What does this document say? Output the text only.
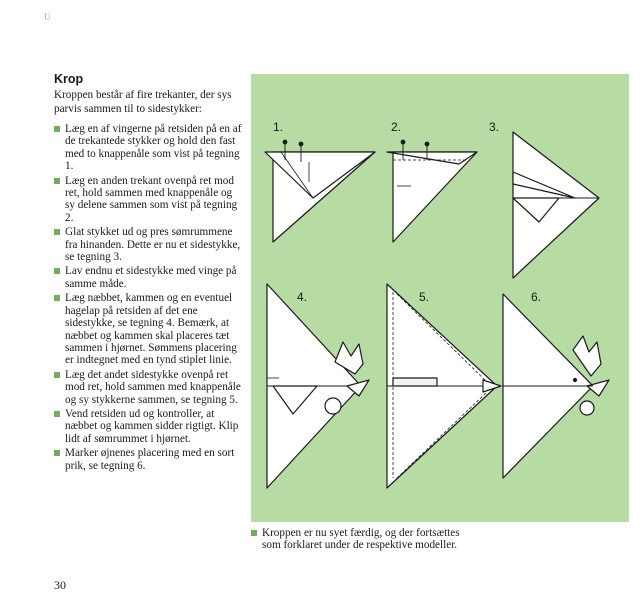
Ʋ
Krop

Kroppen består af fire trekanter, der sys parvis sammen til to sidestykker:

Læg en af vingerne på retsiden på en af de trekantede stykker og hold den fast med to knappenåle som vist på tegning 1.
Læg en anden trekant ovenpå ret mod ret, hold sammen med knappenåle og sy delene sammen som vist på tegning 2.
Glat stykket ud og pres sømrummene fra hinanden. Dette er nu et sidestykke, se tegning 3.
Lav endnu et sidestykke med vinge på samme måde.
Læg næbbet, kammen og en eventuel hagelap på retsiden af det ene sidestykke, se tegning 4. Bemærk, at næbbet og kammen skal placeres tæt sammen i hjørnet. Sømmens placering er indtegnet med en tynd stiplet linie.
Læg det andet sidestykke ovenpå ret mod ret, hold sammen med knappenåle og sy stykkerne sammen, se tegning 5.
Vend retsiden ud og kontroller, at næbbet og kammen sidder rigtigt. Klip lidt af sømrummet i hjørnet.
Marker øjnenes placering med en sort prik, se tegning 6.
30
1.	2.	3.
4.	5.	6.
Kroppen er nu syet færdig, og der fortsættes som forklaret under de respektive modeller.
